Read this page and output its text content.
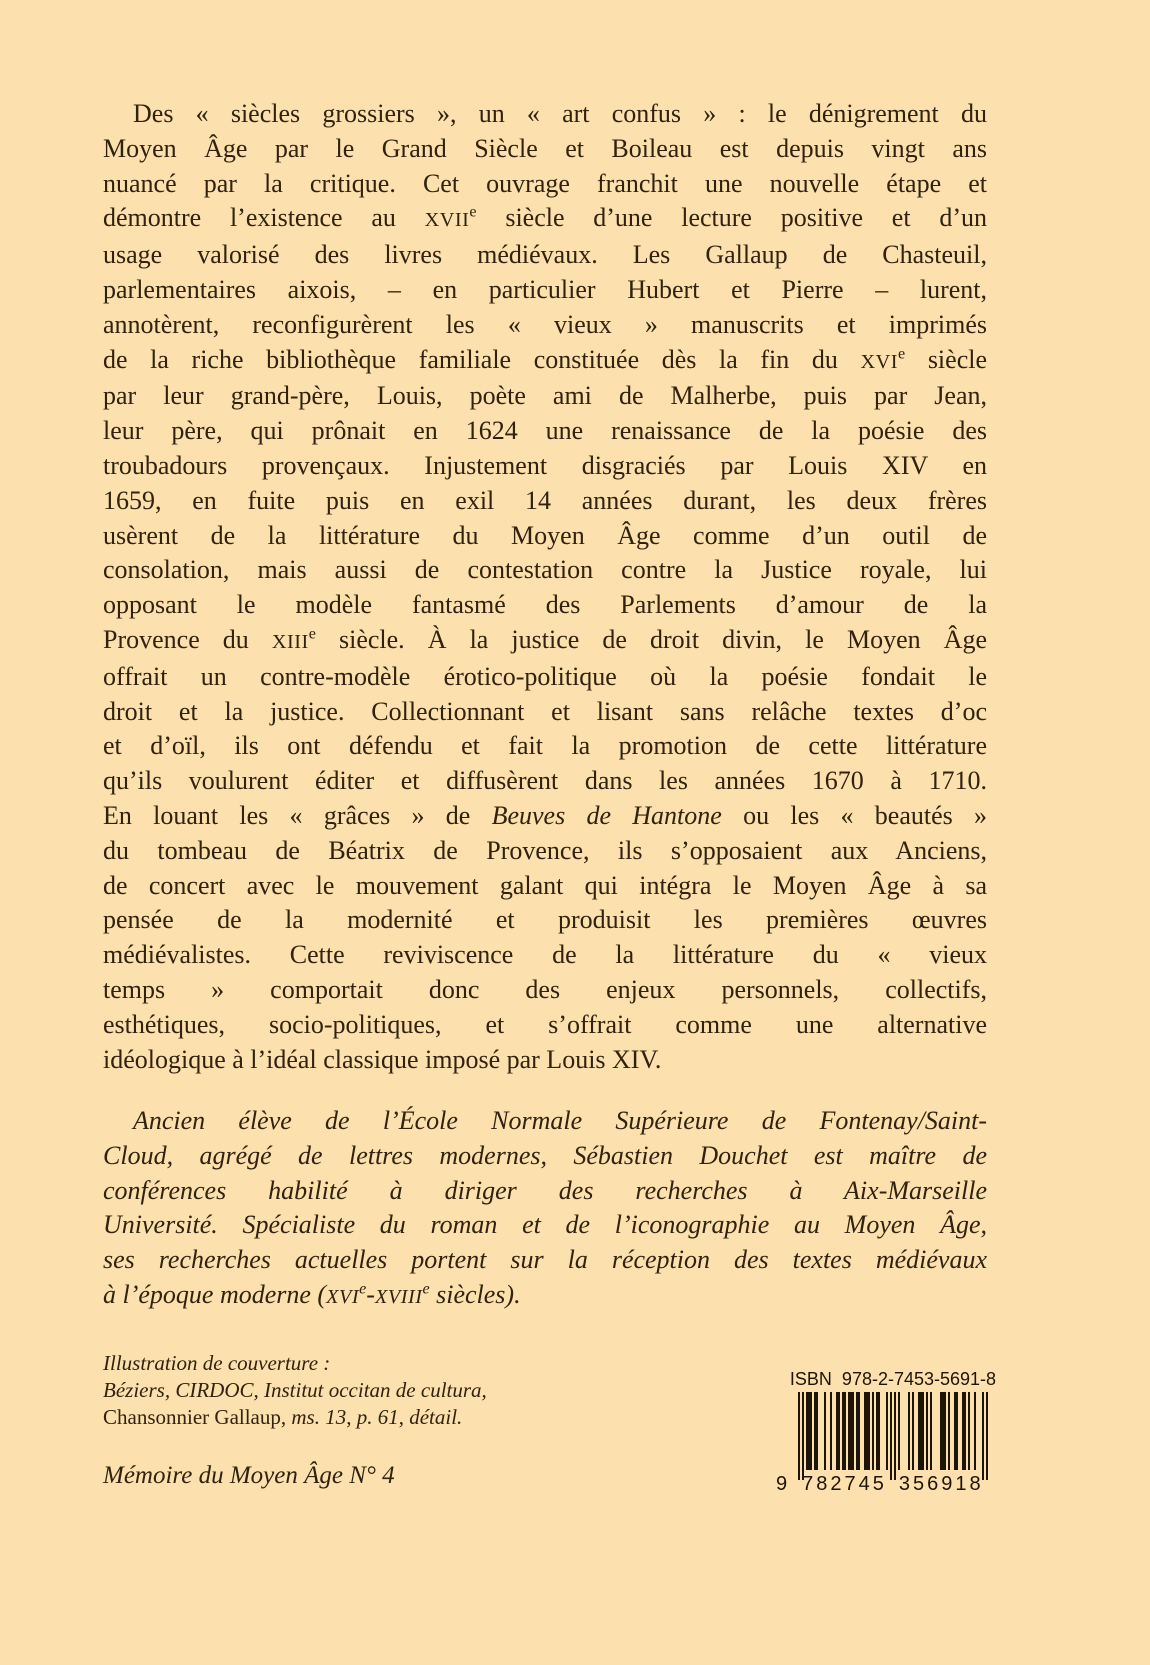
Des « siècles grossiers », un « art confus » : le dénigrement du
Moyen Âge par le Grand Siècle et Boileau est depuis vingt ans
nuancé par la critique. Cet ouvrage franchit une nouvelle étape et
démontre l’existence au XVIIe siècle d’une lecture positive et d’un
usage valorisé des livres médiévaux. Les Gallaup de Chasteuil,
parlementaires aixois, – en particulier Hubert et Pierre – lurent,
annotèrent, reconfigurèrent les « vieux » manuscrits et imprimés
de la riche bibliothèque familiale constituée dès la fin du XVIe siècle
par leur grand-père, Louis, poète ami de Malherbe, puis par Jean,
leur père, qui prônait en 1624 une renaissance de la poésie des
troubadours provençaux. Injustement disgraciés par Louis XIV en
1659, en fuite puis en exil 14 années durant, les deux frères
usèrent de la littérature du Moyen Âge comme d’un outil de
consolation, mais aussi de contestation contre la Justice royale, lui
opposant le modèle fantasmé des Parlements d’amour de la
Provence du XIIIe siècle. À la justice de droit divin, le Moyen Âge
offrait un contre-modèle érotico-politique où la poésie fondait le
droit et la justice. Collectionnant et lisant sans relâche textes d’oc
et d’oïl, ils ont défendu et fait la promotion de cette littérature
qu’ils voulurent éditer et diffusèrent dans les années 1670 à 1710.
En louant les « grâces » de Beuves de Hantone ou les « beautés »
du tombeau de Béatrix de Provence, ils s’opposaient aux Anciens,
de concert avec le mouvement galant qui intégra le Moyen Âge à sa
pensée de la modernité et produisit les premières œuvres
médiévalistes. Cette reviviscence de la littérature du « vieux
temps » comportait donc des enjeux personnels, collectifs,
esthétiques, socio-politiques, et s’offrait comme une alternative
idéologique à l’idéal classique imposé par Louis XIV.
Ancien élève de l’École Normale Supérieure de Fontenay/Saint-
Cloud, agrégé de lettres modernes, Sébastien Douchet est maître de
conférences habilité à diriger des recherches à Aix-Marseille
Université. Spécialiste du roman et de l’iconographie au Moyen Âge,
ses recherches actuelles portent sur la réception des textes médiévaux
à l’époque moderne (XVIe-XVIIIe siècles).
Illustration de couverture :
Béziers, CIRDOC, Institut occitan de cultura,
Chansonnier Gallaup, ms. 13, p. 61, détail.
Mémoire du Moyen Âge N° 4
ISBN  978-2-7453-5691-8
9 782745 356918
